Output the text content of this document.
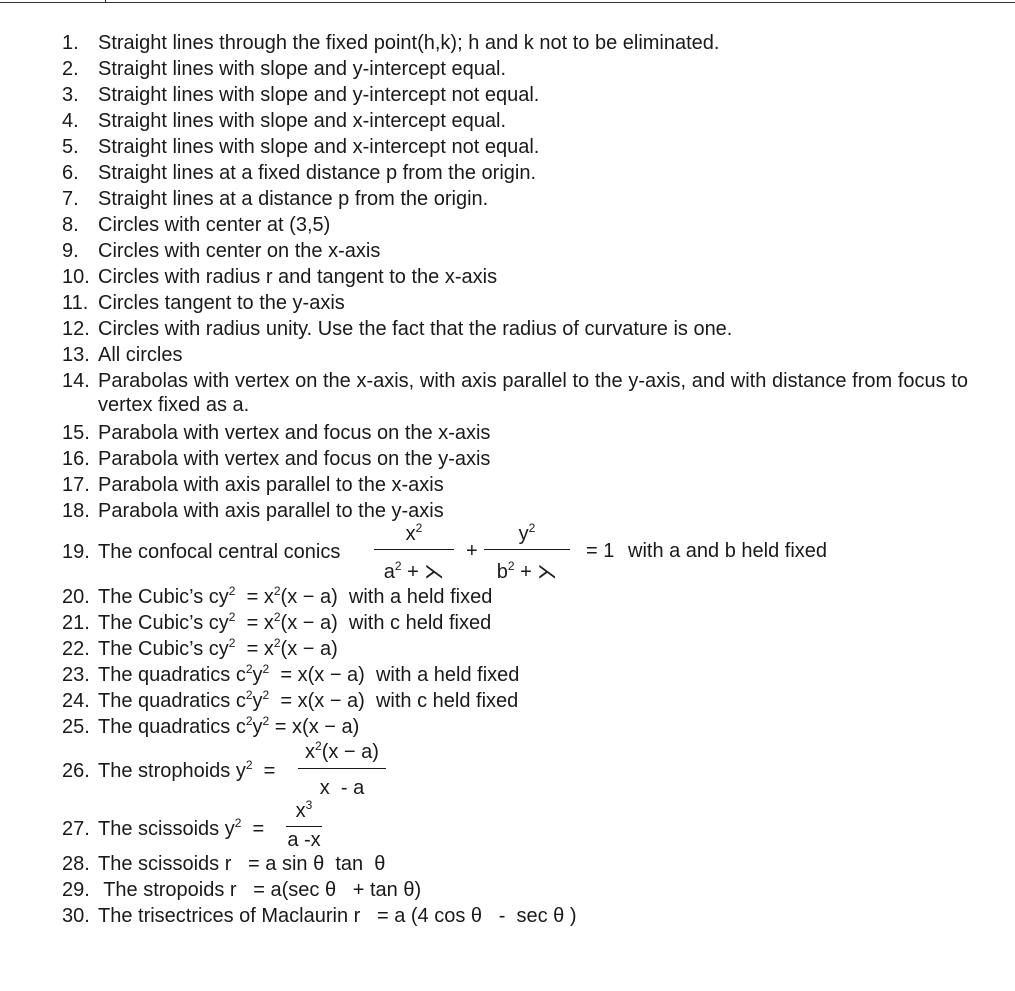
1. Straight lines through the fixed point(h,k); h and k not to be eliminated.
2. Straight lines with slope and y-intercept equal.
3. Straight lines with slope and y-intercept not equal.
4. Straight lines with slope and x-intercept equal.
5. Straight lines with slope and x-intercept not equal.
6. Straight lines at a fixed distance p from the origin.
7. Straight lines at a distance p from the origin.
8. Circles with center at (3,5)
9. Circles with center on the x-axis
10. Circles with radius r and tangent to the x-axis
11. Circles tangent to the y-axis
12. Circles with radius unity. Use the fact that the radius of curvature is one.
13. All circles
14. Parabolas with vertex on the x-axis, with axis parallel to the y-axis, and with distance from focus to vertex fixed as a.
15. Parabola with vertex and focus on the x-axis
16. Parabola with vertex and focus on the y-axis
17. Parabola with axis parallel to the x-axis
18. Parabola with axis parallel to the y-axis
19. The confocal central conics
$x^2$
$a^2$ + ⋋
+
$y^2$
$b^2$ + ⋋
= 1 with a and b held fixed
20. The Cubic’s $cy^2 = x^2(x - a)$ with a held fixed
21. The Cubic’s $cy^2 = x^2(x - a)$ with c held fixed
22. The Cubic’s $cy^2 = x^2(x - a)$
23. The quadratics $c^2y^2 = x(x - a)$ with a held fixed
24. The quadratics $c^2y^2 = x(x - a)$ with c held fixed
25. The quadratics $c^2y^2 = x(x - a)$
26. The strophoids $y^2$ =
$x^2(x - a)$
x  - a
27. The scissoids $y^2$ =
$x^3$
a -x
28. The scissoids r = a sin θ  tan  θ
29. The stropoids r = a(sec θ   + tan θ)
30. The trisectrices of Maclaurin r = a (4 cos θ   -  sec θ )
